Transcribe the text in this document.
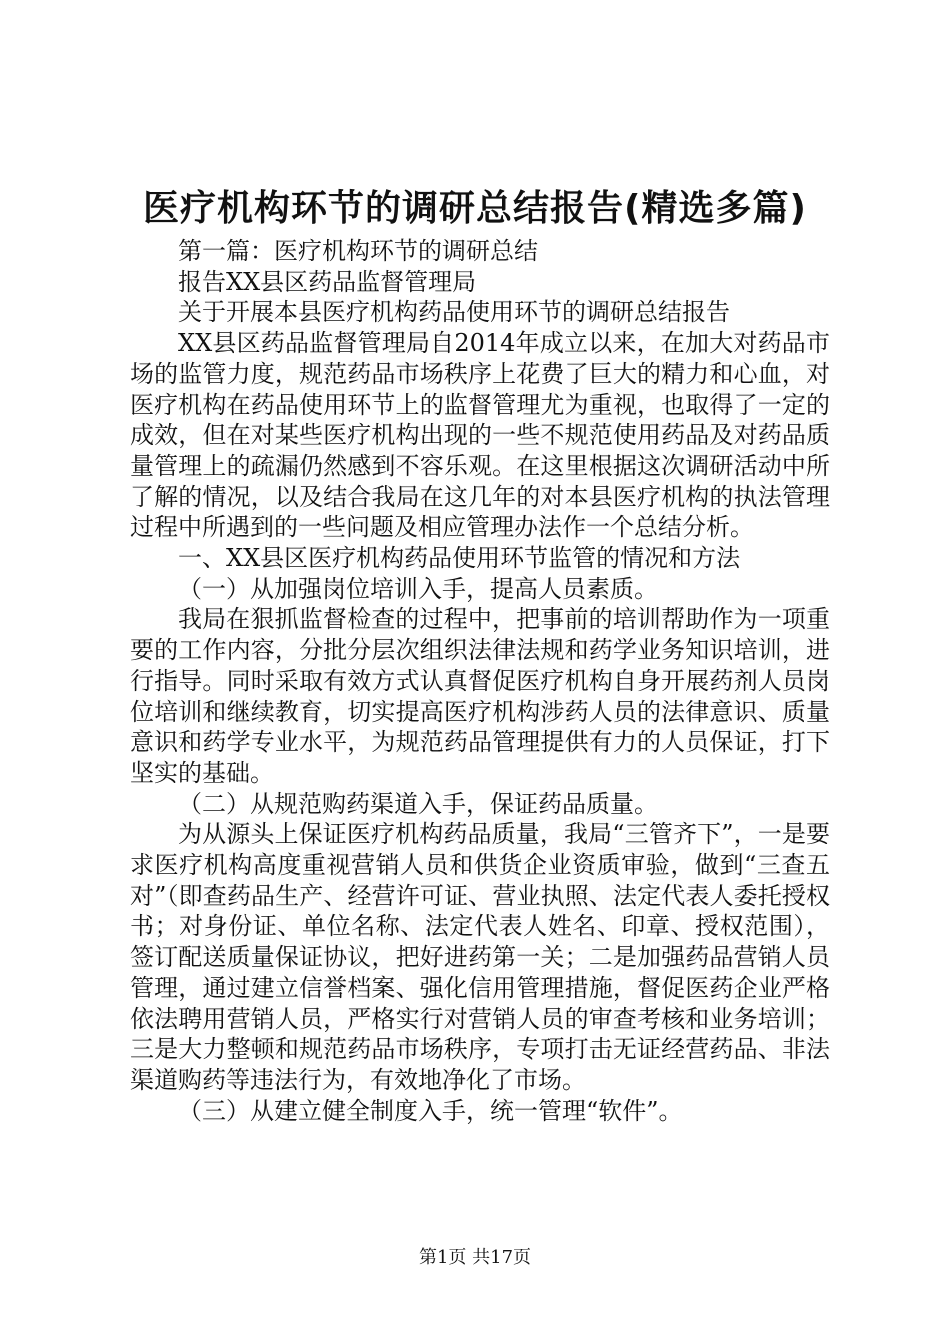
医疗机构环节的调研总结报告(精选多篇)

第一篇：医疗机构环节的调研总结

报告XX县区药品监督管理局

关于开展本县医疗机构药品使用环节的调研总结报告

XX县区药品监督管理局自2014年成立以来，在加大对药品市场的监管力度，规范药品市场秩序上花费了巨大的精力和心血，对医疗机构在药品使用环节上的监督管理尤为重视，也取得了一定的成效，但在对某些医疗机构出现的一些不规范使用药品及对药品质量管理上的疏漏仍然感到不容乐观。在这里根据这次调研活动中所了解的情况，以及结合我局在这几年的对本县医疗机构的执法管理过程中所遇到的一些问题及相应管理办法作一个总结分析。

一、XX县区医疗机构药品使用环节监管的情况和方法

（一）从加强岗位培训入手，提高人员素质。

我局在狠抓监督检查的过程中，把事前的培训帮助作为一项重要的工作内容，分批分层次组织法律法规和药学业务知识培训，进行指导。同时采取有效方式认真督促医疗机构自身开展药剂人员岗位培训和继续教育，切实提高医疗机构涉药人员的法律意识、质量意识和药学专业水平，为规范药品管理提供有力的人员保证，打下坚实的基础。

（二）从规范购药渠道入手，保证药品质量。

为从源头上保证医疗机构药品质量，我局“三管齐下”，一是要求医疗机构高度重视营销人员和供货企业资质审验，做到“三查五对”（即查药品生产、经营许可证、营业执照、法定代表人委托授权书；对身份证、单位名称、法定代表人姓名、印章、授权范围），签订配送质量保证协议，把好进药第一关；二是加强药品营销人员管理，通过建立信誉档案、强化信用管理措施，督促医药企业严格依法聘用营销人员，严格实行对营销人员的审查考核和业务培训；三是大力整顿和规范药品市场秩序，专项打击无证经营药品、非法渠道购药等违法行为，有效地净化了市场。

（三）从建立健全制度入手，统一管理“软件”。

第1页 共17页
